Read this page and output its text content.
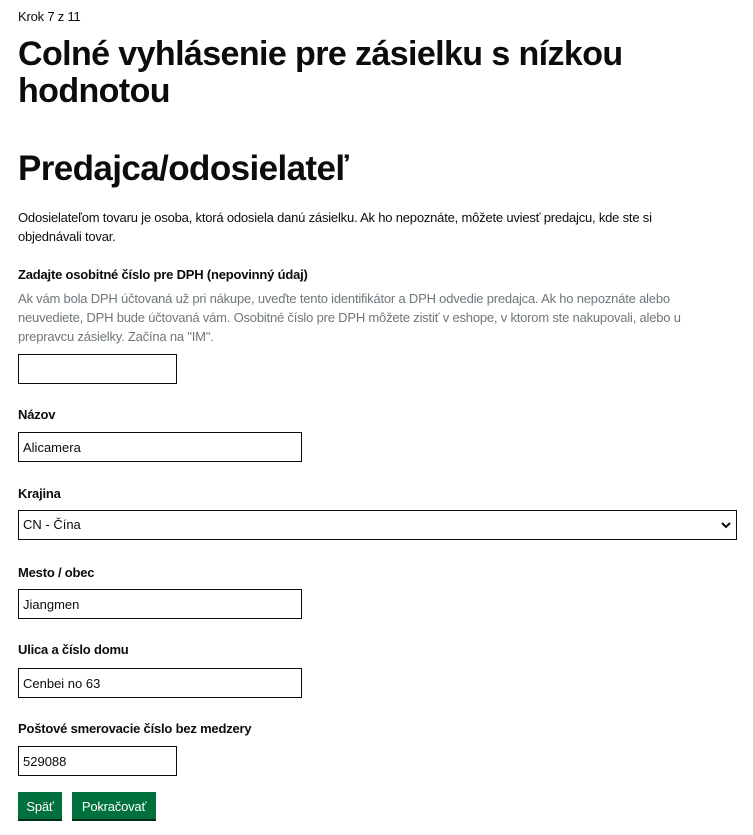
Krok 7 z 11
Colné vyhlásenie pre zásielku s nízkou hodnotou
Predajca/odosielateľ

Odosielateľom tovaru je osoba, ktorá odosiela danú zásielku. Ak ho nepoznáte, môžete uviesť predajcu, kde ste si objednávali tovar.

Zadajte osobitné číslo pre DPH (nepovinný údaj)

Ak vám bola DPH účtovaná už pri nákupe, uveďte tento identifikátor a DPH odvedie predajca. Ak ho nepoznáte alebo neuvediete, DPH bude účtovaná vám. Osobitné číslo pre DPH môžete zistiť v eshope, v ktorom ste nakupovali, alebo u prepravcu zásielky. Začína na "IM".

Názov
Alicamera
Krajina
CN - Čína
Mesto / obec
Jiangmen
Ulica a číslo domu
Cenbei no 63
Poštové smerovacie číslo bez medzery
529088
Späť	Pokračovať
